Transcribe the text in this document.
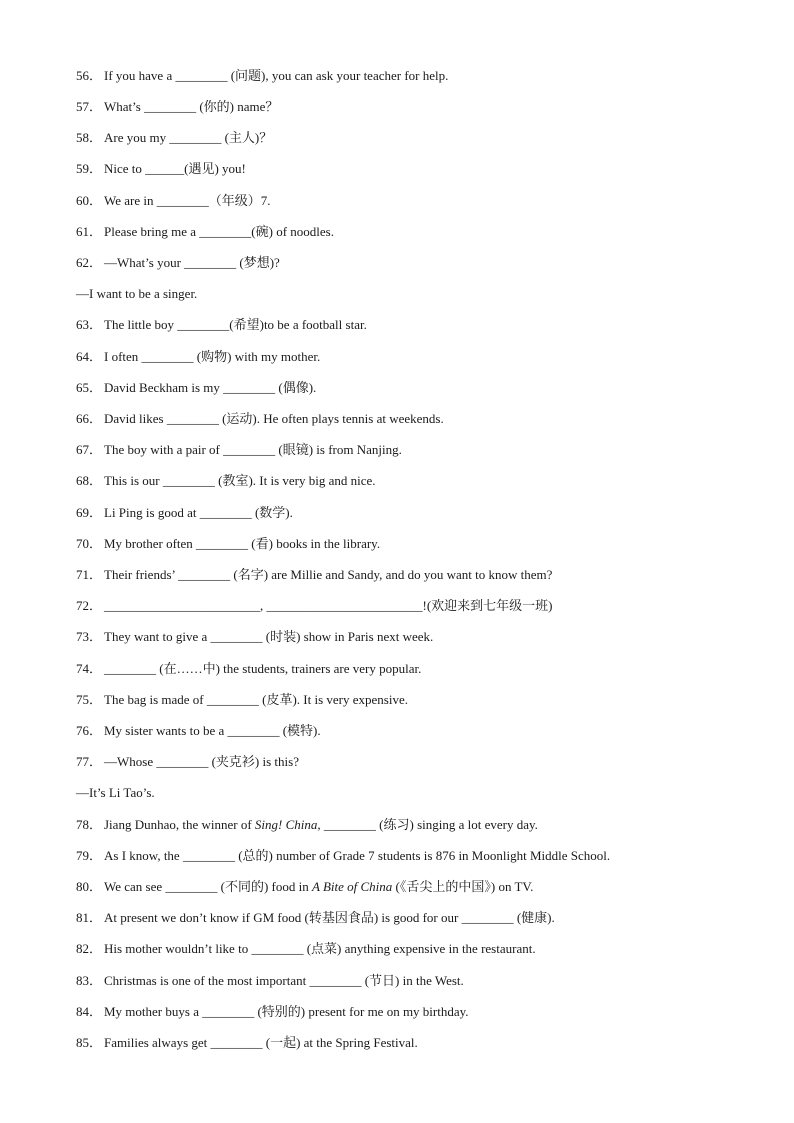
56． If you have a ________ (问题), you can ask your teacher for help.
57． What’s ________ (你的) name？
58． Are you my ________ (主人)？
59． Nice to ______(遇见) you!
60． We are in ________（年级）7.
61． Please bring me a ________(碗) of noodles.
62． —What’s your ________ (梦想)?
—I want to be a singer.
63． The little boy ________(希望)to be a football star.
64． I often ________ (购物) with my mother.
65． David Beckham is my ________ (偶像).
66． David likes ________ (运动). He often plays tennis at weekends.
67． The boy with a pair of ________ (眼镜) is from Nanjing.
68． This is our ________ (教室). It is very big and nice.
69． Li Ping is good at ________ (数学).
70． My brother often ________ (看) books in the library.
71． Their friends’ ________ (名字) are Millie and Sandy, and do you want to know them?
72． ________________________, ________________________!(欢迎来到七年级一班)
73． They want to give a ________ (时装) show in Paris next week.
74． ________ (在……中) the students, trainers are very popular.
75． The bag is made of ________ (皮革). It is very expensive.
76． My sister wants to be a ________ (模特).
77． —Whose ________ (夹克衫) is this?
—It’s Li Tao’s.
78． Jiang Dunhao, the winner of Sing! China, ________ (练习) singing a lot every day.
79． As I know, the ________ (总的) number of Grade 7 students is 876 in Moonlight Middle School.
80． We can see ________ (不同的) food in A Bite of China (《舌尖上的中国》) on TV.
81． At present we don’t know if GM food (转基因食品) is good for our ________ (健康).
82． His mother wouldn’t like to ________ (点菜) anything expensive in the restaurant.
83． Christmas is one of the most important ________ (节日) in the West.
84． My mother buys a ________ (特别的) present for me on my birthday.
85． Families always get ________ (一起) at the Spring Festival.
